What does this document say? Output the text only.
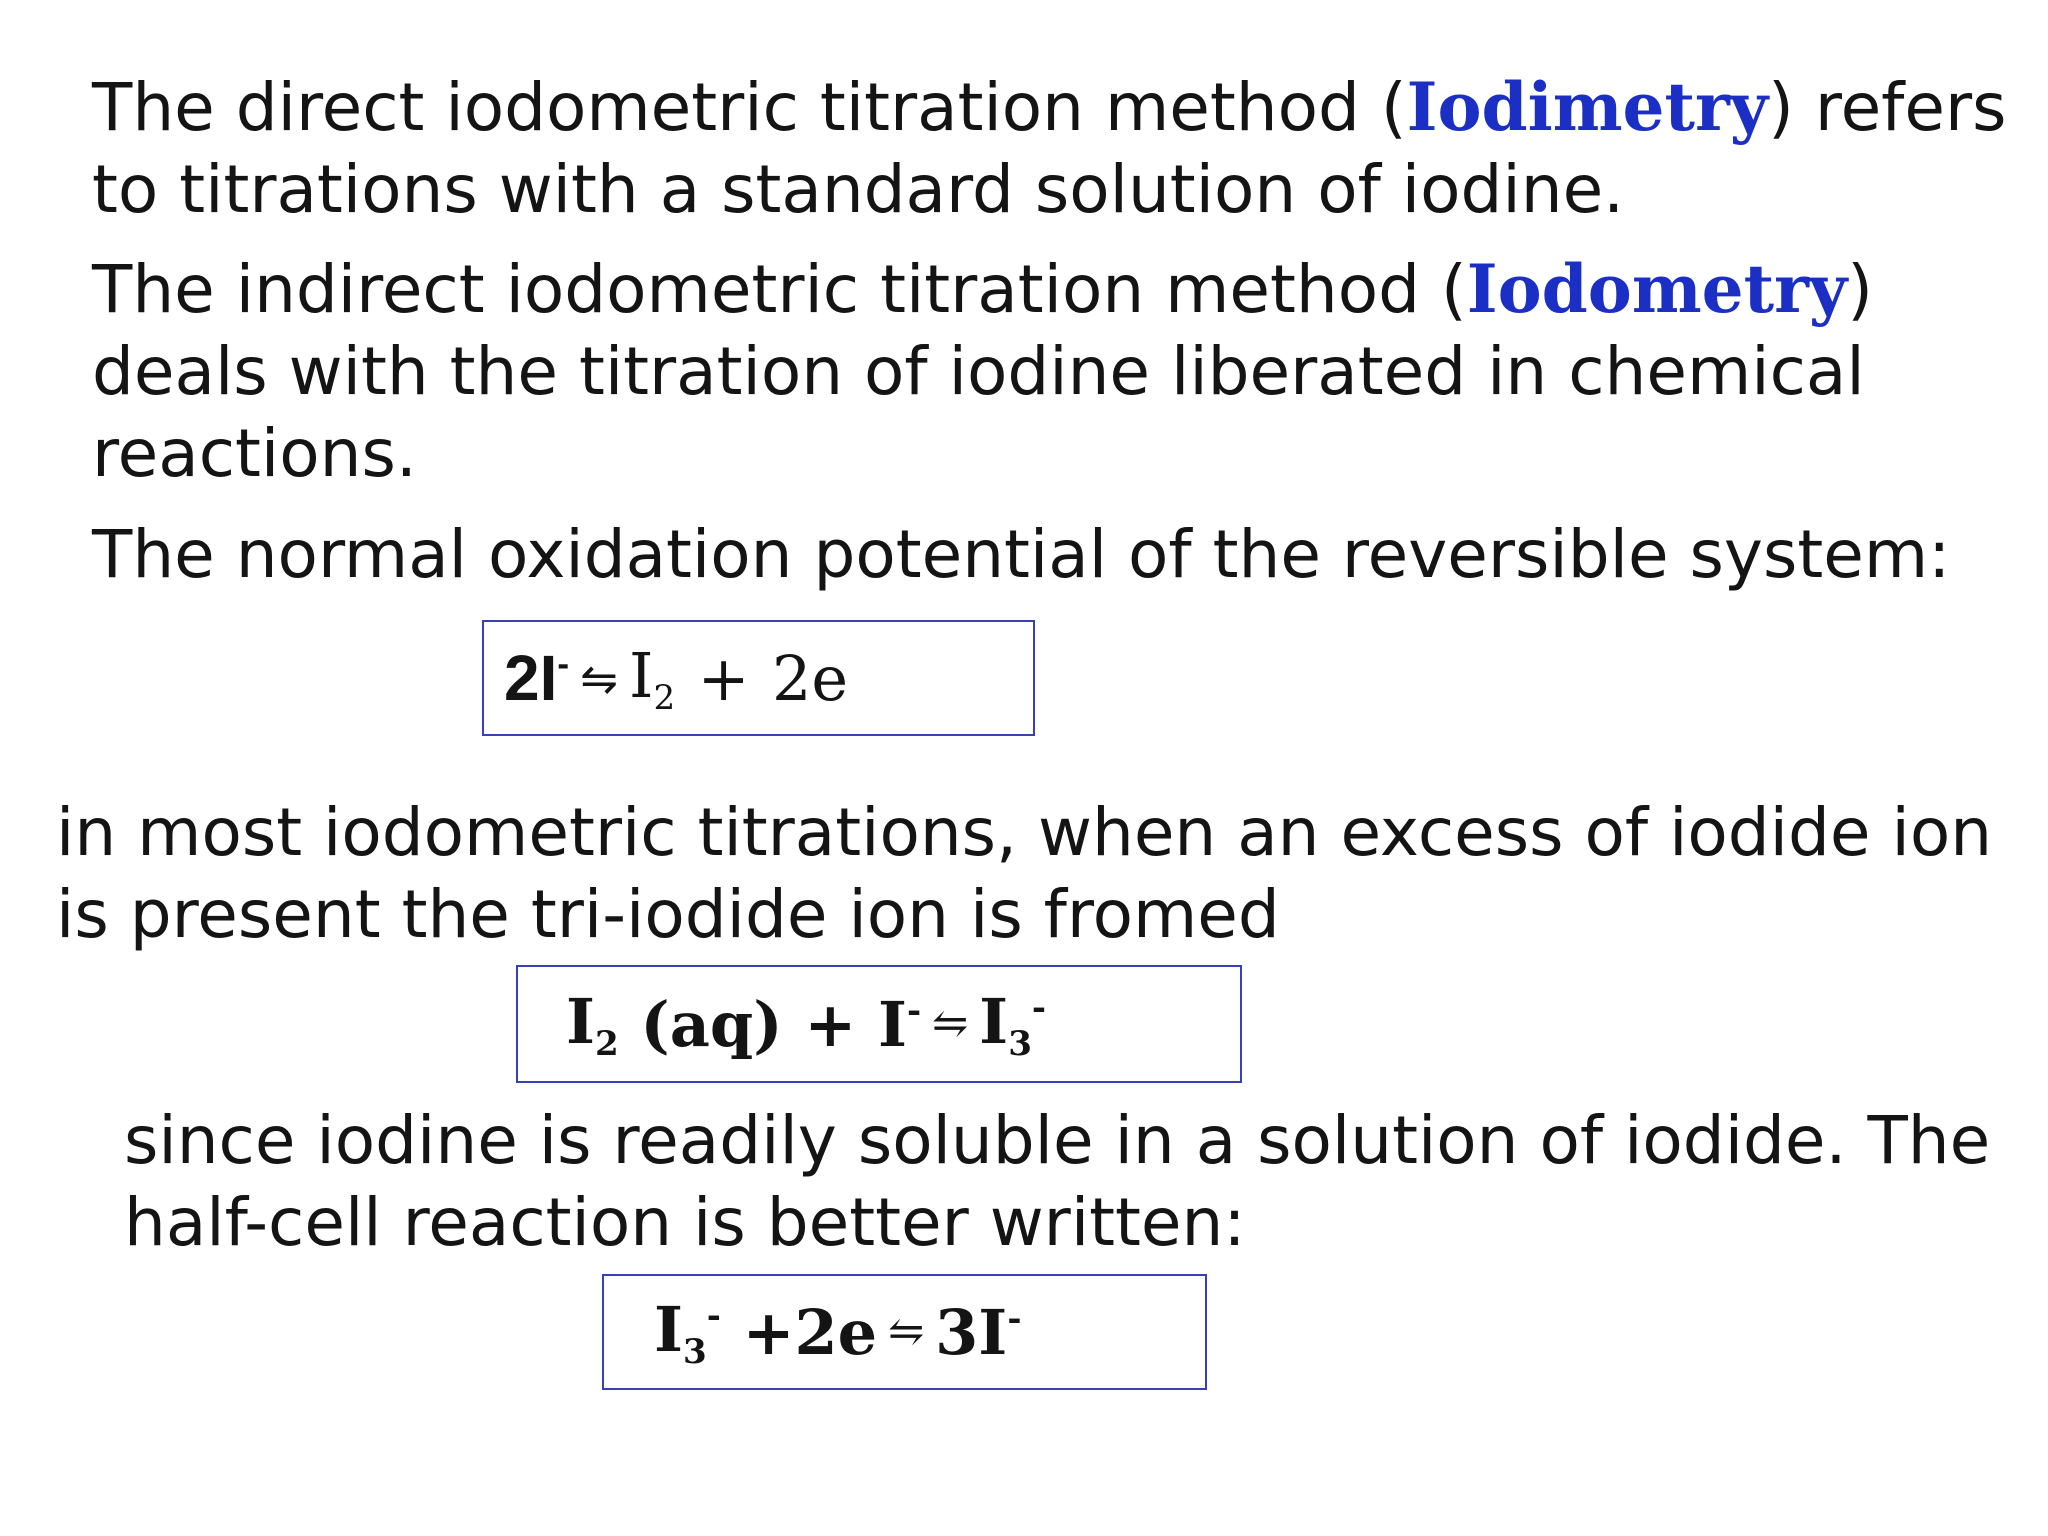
The direct iodometric titration method (Iodimetry) refers
to titrations with a standard solution of iodine.
The indirect iodometric titration method (Iodometry)
deals with the titration of iodine liberated in chemical
reactions.
The normal oxidation potential of the reversible system:
2I- ⇋ $I_2 + 2e$
in most iodometric titrations, when an excess of iodide ion
is present the tri-iodide ion is fromed
I2 (aq) + I- ⇋ I3-
since iodine is readily soluble in a solution of iodide. The
half-cell reaction is better written:
I3- +2e ⇋ 3I-
